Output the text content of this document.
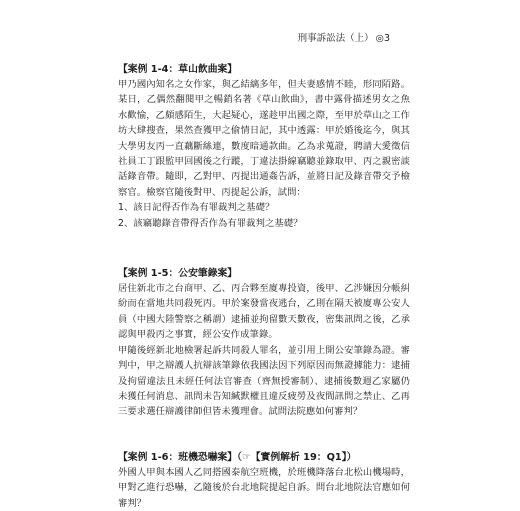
刑事訴訟法（上） ◎3

【案例 1-4：草山飲曲案】

甲乃國內知名之女作家，與乙結縭多年，但夫妻感情不睦，形同陌路。某日，乙偶然翻閱甲之暢銷名著《草山飲曲》，書中露骨描述男女之魚水歡愉，乙頗感陌生，大起疑心，遂趁甲出國之際，至甲於草山之工作坊大肆搜查，果然查獲甲之偷情日記，其中透露：甲於婚後迄今，與其大學男友丙一直藕斷絲連，數度暗通款曲。乙為求蒐證，聘請大愛徵信社員工丁跟監甲回國後之行蹤，丁違法掛線竊聽並錄取甲、丙之親密談話錄音帶。隨即，乙對甲、丙提出通姦告訴，並將日記及錄音帶交予檢察官。檢察官隨後對甲、丙提起公訴，試問：

1、該日記得否作為有罪裁判之基礎？

2、該竊聽錄音帶得否作為有罪裁判之基礎？

【案例 1-5：公安筆錄案】

居住新北市之台商甲、乙、丙合夥至廈專投資，後甲、乙涉嫌因分帳糾紛而在當地共同殺死丙。甲於案發當夜逃台，乙則在隔天被廈專公安人員（中國大陸警察之稱謂）逮捕並拘留數天數夜，密集訊問之後，乙承認與甲殺丙之事實，經公安作成筆錄。

甲隨後經新北地檢署起訴共同殺人罪名，並引用上開公安筆錄為證。審判中，甲之辯護人抗辯該筆錄依我國法因下列原因而無證據能力：逮捕及拘留違法且未經任何法官審查（齊無授審制）、逮捕後數週乙家屬仍未獲任何消息、訊問未告知緘默權且違反疲勞及夜間訊問之禁止、乙再三要求選任辯護律師但皆未獲理會。試問法院應如何審判？

【案例 1-6：班機恐嚇案】（☞【實例解析 19：Q1】）

外國人甲與本國人乙同搭國泰航空班機，於班機降落台北松山機場時，甲對乙進行恐嚇，乙隨後於台北地院提起自訴。問台北地院法官應如何審判？
